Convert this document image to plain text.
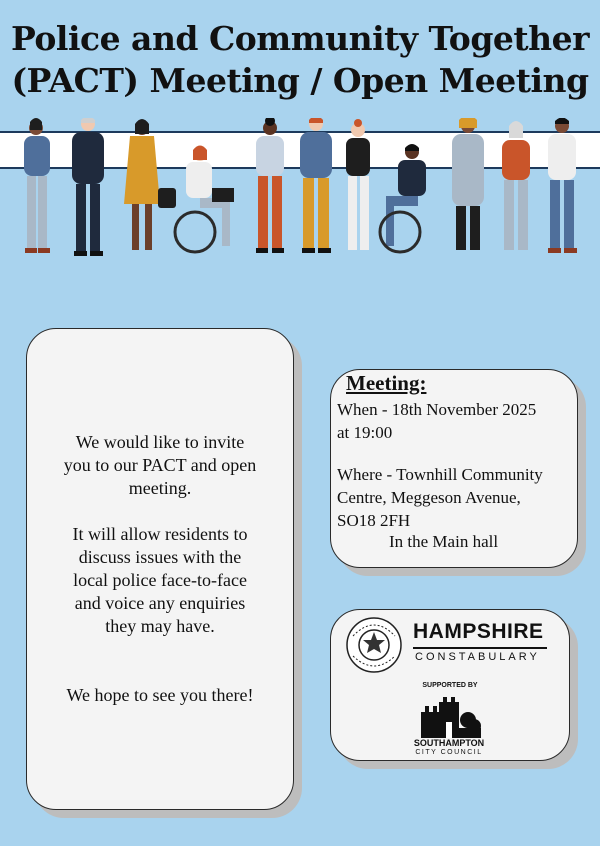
Police and Community Together
(PACT) Meeting / Open Meeting

We would like to invite
you to our PACT and open
meeting.

It will allow residents to
discuss issues with the
local police face-to-face
and voice any enquiries
they may have.

We hope to see you there!

Meeting:
When - 18th November 2025
at 19:00
Where - Townhill Community
Centre, Meggeson Avenue,
SO18 2FH
In the Main hall
HAMPSHIRE
CONSTABULARY
SUPPORTED BY
SOUTHAMPTON
CITY COUNCIL
